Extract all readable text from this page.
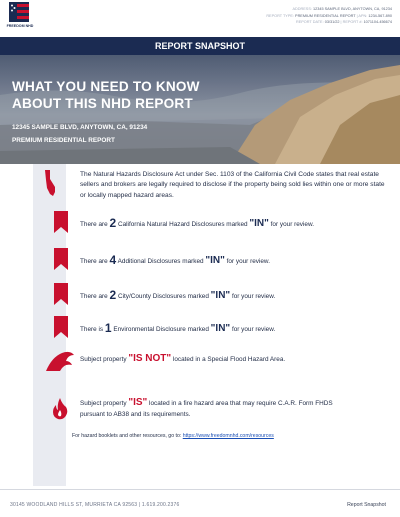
FREEDOM NHD
ADDRESS: 12345 SAMPLE BLVD, ANYTOWN, CA, 91234
REPORT TYPE: PREMIUM RESIDENTIAL REPORT | APN: 1234-567-890
REPORT DATE: 03/31/22 | REPORT #: 1071104-456674
REPORT SNAPSHOT
WHAT YOU NEED TO KNOW
ABOUT THIS NHD REPORT
12345 SAMPLE BLVD, ANYTOWN, CA, 91234
PREMIUM RESIDENTIAL REPORT
The Natural Hazards Disclosure Act under Sec. 1103 of the California Civil Code states that real estate sellers and brokers are legally required to disclose if the property being sold lies within one or more state or locally mapped hazard areas.
There are 2 California Natural Hazard Disclosures marked "IN" for your review.
There are 4 Additional Disclosures marked "IN" for your review.
There are 2 City/County Disclosures marked "IN" for your review.
There is 1 Environmental Disclosure marked "IN" for your review.
Subject property "IS NOT" located in a Special Flood Hazard Area.
Subject property "IS" located in a fire hazard area that may require C.A.R. Form FHDS
pursuant to AB38 and its requirements.
For hazard booklets and other resources, go to: https://www.freedomnhd.com/resources
30145 WOODLAND HILLS ST, MURRIETA CA 92563 | 1.619.200.2376	Report Snapshot
